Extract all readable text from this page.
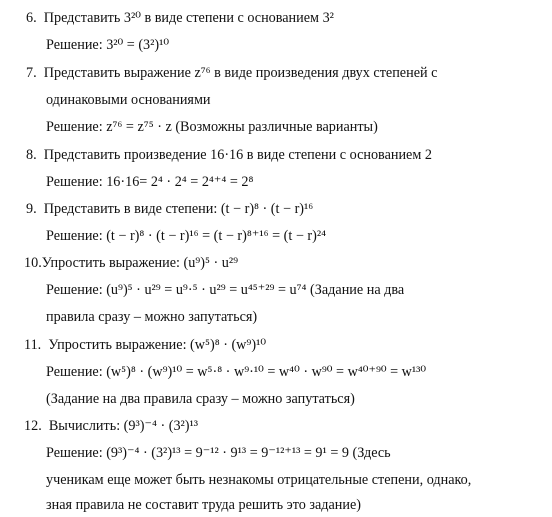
6. Представить 3²⁰ в виде степени с основанием 3²
Решение: 3²⁰ = (3²)¹⁰
7. Представить выражение z⁷⁶ в виде произведения двух степеней с
одинаковыми основаниями
Решение: z⁷⁶ = z⁷⁵ · z (Возможны различные варианты)
8. Представить произведение 16·16 в виде степени с основанием 2
Решение: 16·16= 2⁴ · 2⁴ = 2⁴⁺⁴ = 2⁸
9. Представить в виде степени: (t − r)⁸ · (t − r)¹⁶
Решение: (t − r)⁸ · (t − r)¹⁶ = (t − r)⁸⁺¹⁶ = (t − r)²⁴
10.Упростить выражение: (u⁹)⁵ · u²⁹
Решение: (u⁹)⁵ · u²⁹ = u⁹·⁵ · u²⁹ = u⁴⁵⁺²⁹ = u⁷⁴ (Задание на два
правила сразу – можно запутаться)
11. Упростить выражение: (w⁵)⁸ · (w⁹)¹⁰
Решение: (w⁵)⁸ · (w⁹)¹⁰ = w⁵·⁸ · w⁹·¹⁰ = w⁴⁰ · w⁹⁰ = w⁴⁰⁺⁹⁰ = w¹³⁰
(Задание на два правила сразу – можно запутаться)
12. Вычислить: (9³)⁻⁴ · (3²)¹³
Решение: (9³)⁻⁴ · (3²)¹³ = 9⁻¹² · 9¹³ = 9⁻¹²⁺¹³ = 9¹ = 9 (Здесь
ученикам еще может быть незнакомы отрицательные степени, однако,
зная правила не составит труда решить это задание)
